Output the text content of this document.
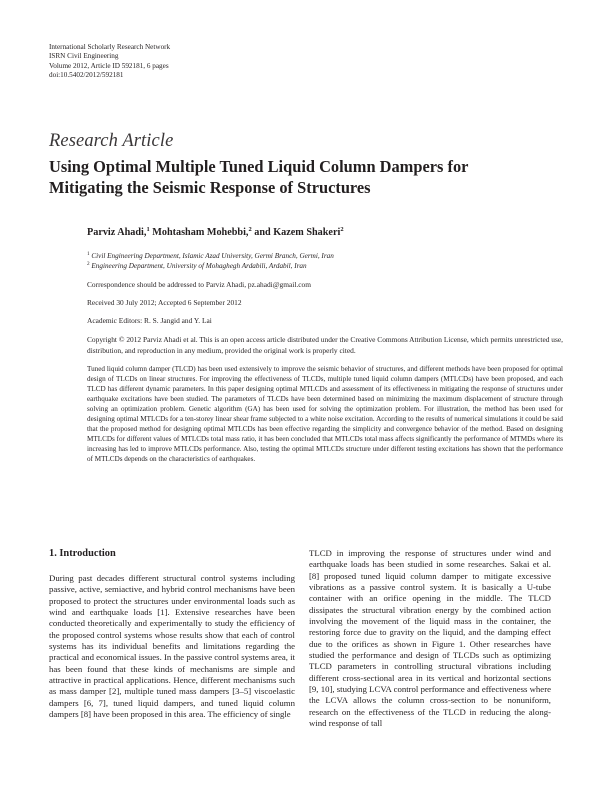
International Scholarly Research Network
ISRN Civil Engineering
Volume 2012, Article ID 592181, 6 pages
doi:10.5402/2012/592181
Research Article
Using Optimal Multiple Tuned Liquid Column Dampers for
Mitigating the Seismic Response of Structures
Parviz Ahadi,$^1$ Mohtasham Mohebbi,$^2$ and Kazem Shakeri$^2$
$^1$ Civil Engineering Department, Islamic Azad University, Germi Branch, Germi, Iran
$^2$ Engineering Department, University of Mohaghegh Ardabili, Ardabil, Iran
Correspondence should be addressed to Parviz Ahadi, pz.ahadi@gmail.com
Received 30 July 2012; Accepted 6 September 2012
Academic Editors: R. S. Jangid and Y. Lai
Copyright © 2012 Parviz Ahadi et al. This is an open access article distributed under the Creative Commons Attribution License, which permits unrestricted use, distribution, and reproduction in any medium, provided the original work is properly cited.
Tuned liquid column damper (TLCD) has been used extensively to improve the seismic behavior of structures, and different methods have been proposed for optimal design of TLCDs on linear structures. For improving the effectiveness of TLCDs, multiple tuned liquid column dampers (MTLCDs) have been proposed, and each TLCD has different dynamic parameters. In this paper designing optimal MTLCDs and assessment of its effectiveness in mitigating the response of structures under earthquake excitations have been studied. The parameters of TLCDs have been determined based on minimizing the maximum displacement of structure through solving an optimization problem. Genetic algorithm (GA) has been used for solving the optimization problem. For illustration, the method has been used for designing optimal MTLCDs for a ten-storey linear shear frame subjected to a white noise excitation. According to the results of numerical simulations it could be said that the proposed method for designing optimal MTLCDs has been effective regarding the simplicity and convergence behavior of the method. Based on designing MTLCDs for different values of MTLCDs total mass ratio, it has been concluded that MTLCDs total mass affects significantly the performance of MTMDs where its increasing has led to improve MTLCDs performance. Also, testing the optimal MTLCDs structure under different testing excitations has shown that the performance of MTLCDs depends on the characteristics of earthquakes.
1. Introduction
During past decades different structural control systems including passive, active, semiactive, and hybrid control mechanisms have been proposed to protect the structures under environmental loads such as wind and earthquake loads [1]. Extensive researches have been conducted theoretically and experimentally to study the efficiency of the proposed control systems whose results show that each of control systems has its individual benefits and limitations regarding the practical and economical issues. In the passive control systems area, it has been found that these kinds of mechanisms are simple and attractive in practical applications. Hence, different mechanisms such as mass damper [2], multiple tuned mass dampers [3–5] viscoelastic dampers [6, 7], tuned liquid dampers, and tuned liquid column dampers [8] have been proposed in this area. The efficiency of single
TLCD in improving the response of structures under wind and earthquake loads has been studied in some researches. Sakai et al. [8] proposed tuned liquid column damper to mitigate excessive vibrations as a passive control system. It is basically a U-tube container with an orifice opening in the middle. The TLCD dissipates the structural vibration energy by the combined action involving the movement of the liquid mass in the container, the restoring force due to gravity on the liquid, and the damping effect due to the orifices as shown in Figure 1. Other researches have studied the performance and design of TLCDs such as optimizing TLCD parameters in controlling structural vibrations including different cross-sectional area in its vertical and horizontal sections [9, 10], studying LCVA control performance and effectiveness where the LCVA allows the column cross-section to be nonuniform, research on the effectiveness of the TLCD in reducing the along-wind response of tall
